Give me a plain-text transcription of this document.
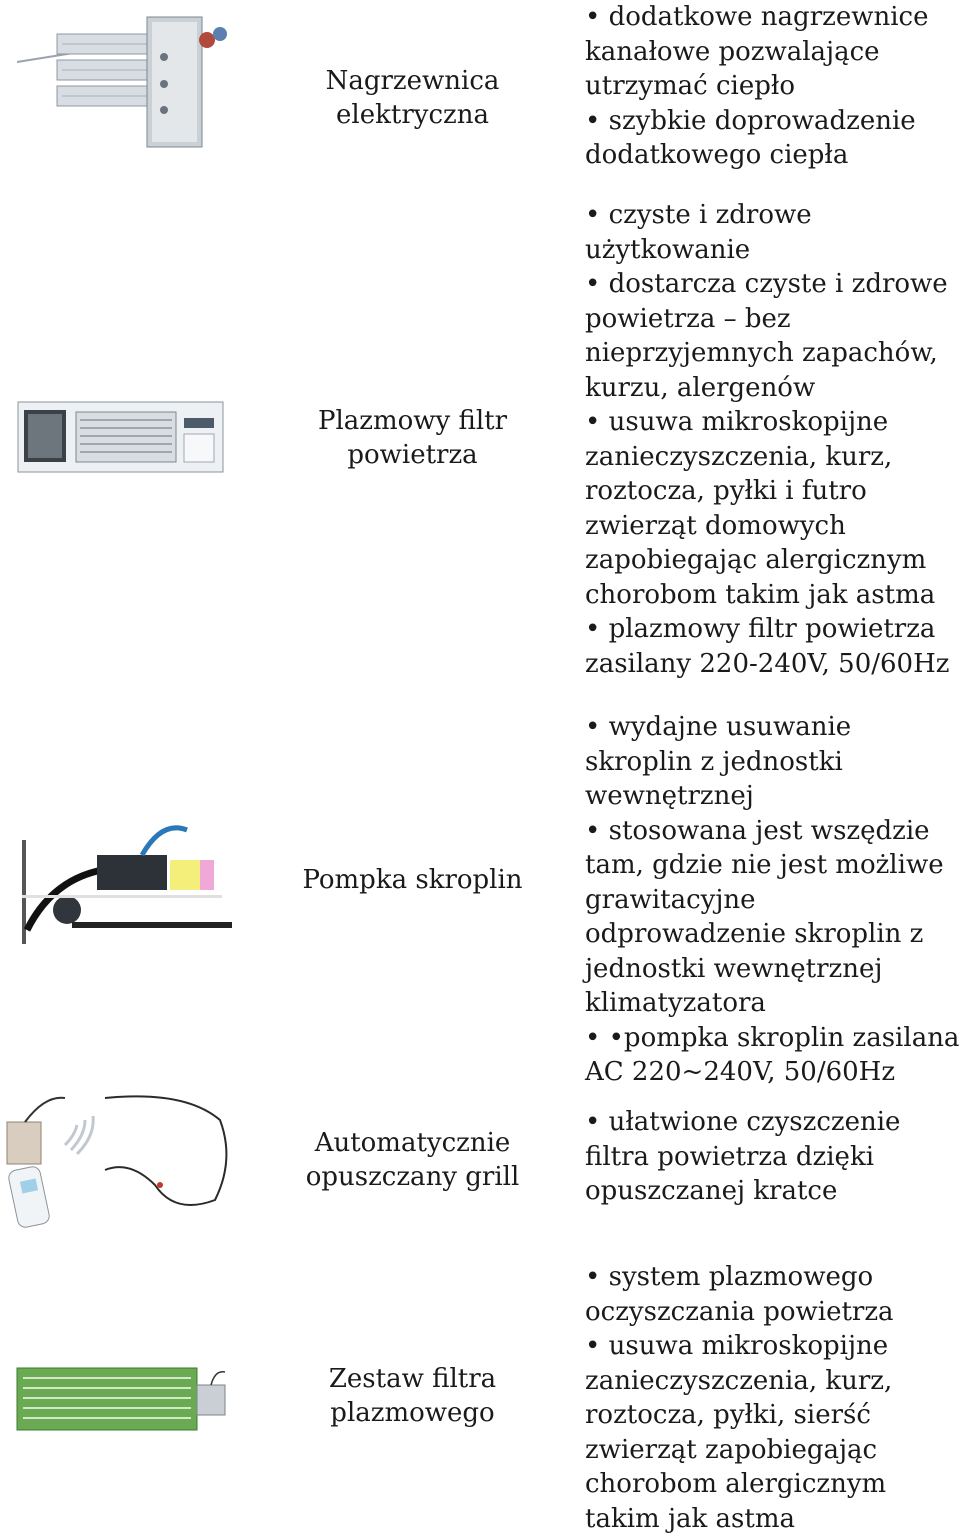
Nagrzewnica elektryczna

• dodatkowe nagrzewnice kanałowe pozwalające utrzymać ciepło

• szybkie doprowadzenie dodatkowego ciepła

Plazmowy filtr powietrza

• czyste i zdrowe użytkowanie

• dostarcza czyste i zdrowe powietrza – bez nieprzyjemnych zapachów, kurzu, alergenów

• usuwa mikroskopijne zanieczyszczenia, kurz, roztocza, pyłki i futro zwierząt domowych zapobiegając alergicznym chorobom takim jak astma

• plazmowy filtr powietrza zasilany 220-240V, 50/60Hz

Pompka skroplin

• wydajne usuwanie skroplin z jednostki wewnętrznej

• stosowana jest wszędzie tam, gdzie nie jest możliwe grawitacyjne odprowadzenie skroplin z jednostki wewnętrznej klimatyzatora

• •pompka skroplin zasilana AC 220~240V, 50/60Hz

Automatycznie opuszczany grill

• ułatwione czyszczenie filtra powietrza dzięki opuszczanej kratce

Zestaw filtra plazmowego

• system plazmowego oczyszczania powietrza

• usuwa mikroskopijne zanieczyszczenia, kurz, roztocza, pyłki, sierść zwierząt zapobiegając chorobom alergicznym takim jak astma
